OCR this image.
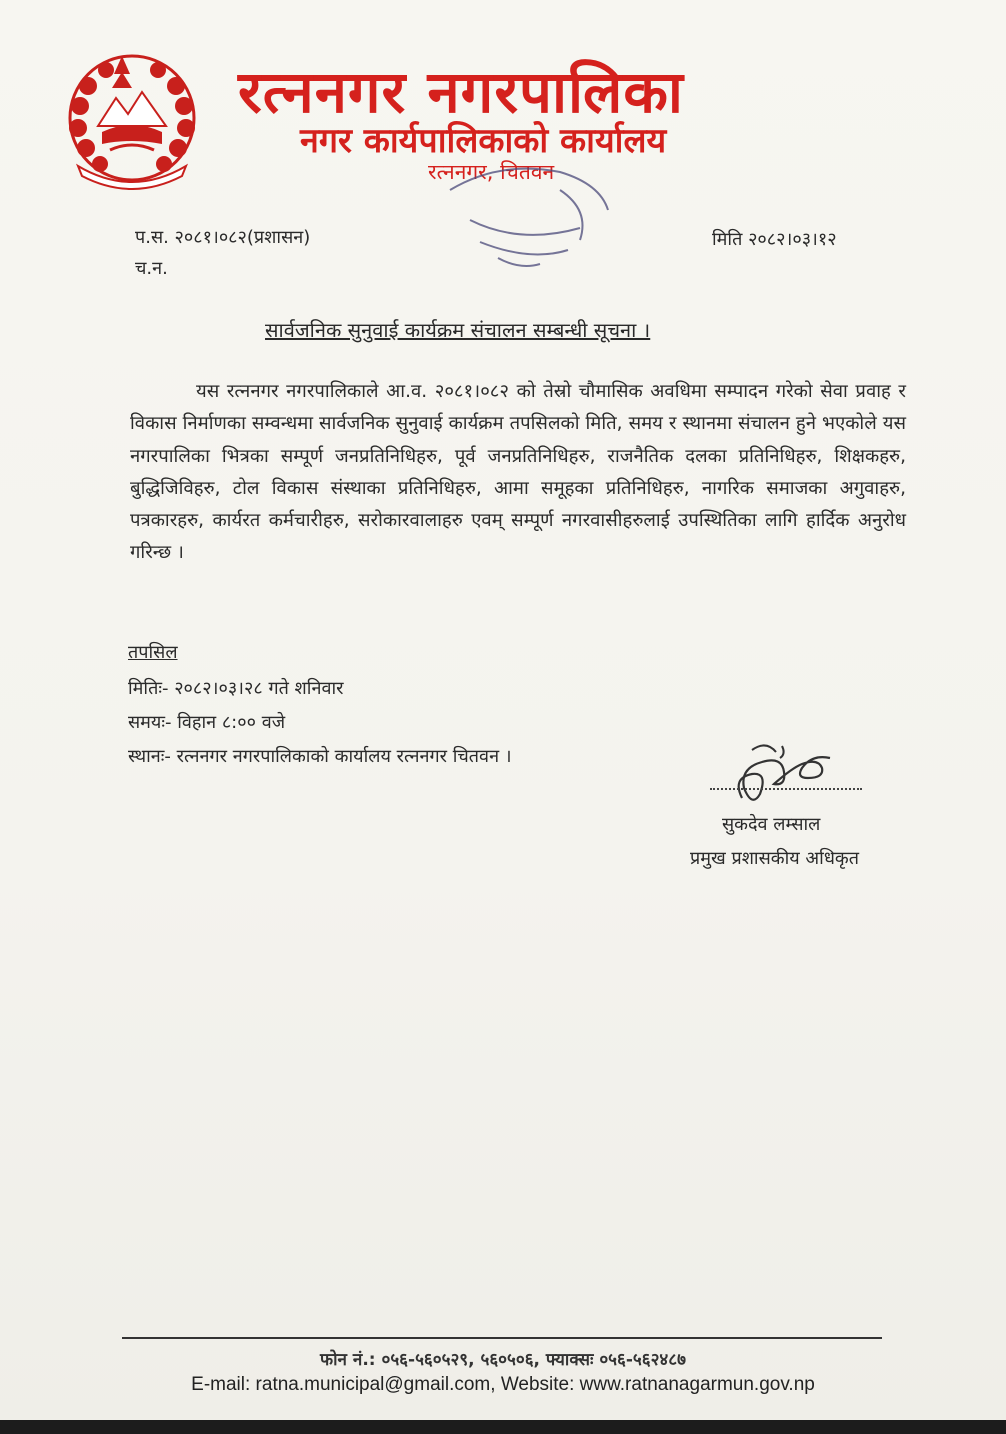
रत्ननगर नगरपालिका
नगर कार्यपालिकाको कार्यालय
रत्ननगर, चितवन
प.स. २०८१।०८२(प्रशासन)
च.न.
मिति २०८२।०३।१२
सार्वजनिक सुनुवाई कार्यक्रम संचालन सम्बन्धी सूचना ।

यस रत्ननगर नगरपालिकाले आ.व. २०८१।०८२ को तेस्रो चौमासिक अवधिमा सम्पादन गरेको सेवा प्रवाह र विकास निर्माणका सम्वन्धमा सार्वजनिक सुनुवाई कार्यक्रम तपसिलको मिति, समय र स्थानमा संचालन हुने भएकोले यस नगरपालिका भित्रका सम्पूर्ण जनप्रतिनिधिहरु, पूर्व जनप्रतिनिधिहरु, राजनैतिक दलका प्रतिनिधिहरु, शिक्षकहरु, बुद्धिजिविहरु, टोल विकास संस्थाका प्रतिनिधिहरु, आमा समूहका प्रतिनिधिहरु, नागरिक समाजका अगुवाहरु, पत्रकारहरु, कार्यरत कर्मचारीहरु, सरोकारवालाहरु एवम् सम्पूर्ण नगरवासीहरुलाई उपस्थितिका लागि हार्दिक अनुरोध गरिन्छ ।

तपसिल
मितिः- २०८२।०३।२८ गते शनिवार
समयः- विहान ८:०० वजे
स्थानः- रत्ननगर नगरपालिकाको कार्यालय रत्ननगर चितवन ।
सुकदेव लम्साल
प्रमुख प्रशासकीय अधिकृत
फोन नं.: ०५६-५६०५२९, ५६०५०६, फ्याक्सः ०५६-५६२४८७
E-mail: ratna.municipal@gmail.com, Website: www.ratnanagarmun.gov.np
